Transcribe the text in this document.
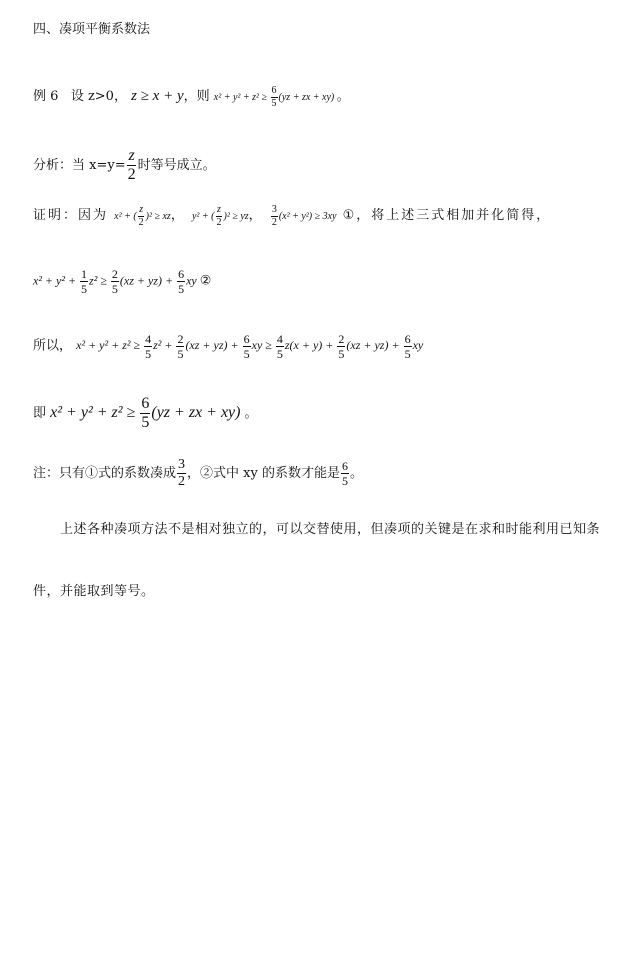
四、凑项平衡系数法
例 6 设 z>0， z ≥ x + y，则 $x^2 + y^2 + z^2 \ge \frac{6}{5} (yz$ + zx + xy) 。
分析：当 $x=y= \frac{z}{2}$ 时等号成立。
证明：因为 x² + ( $\frac{z}{2} )^2$ ≥ xz， y² + ( $\frac{z}{2} )^2$ ≥ yz， $\frac{3}{2} (x^2 + y^2) \ge 3xy$ ①，将上述三式相加并化简得，
$x^2 + y^2 + \frac{1}{5} z^2 \ge \frac{2}{5} (xz + yz) + \frac{6}{5}$ xy ②
所以， $x^2 + y^2 + z^2 \ge \frac{4}{5} z^2 + \frac{2}{5} (xz + yz) + \frac{6}{5}$ xy ≥ $\frac{4}{5} z(x + y) + \frac{2}{5} (xz + yz) + \frac{6}{5}$ xy
即 $x^2 + y^2 + z^2 \ge \frac{6}{5} (yz$ + zx + xy) 。
注：只有①式的系数凑成 $\frac{3}{2}$ ，②式中 xy 的系数才能是 $\frac{6}{5}$ 。
上述各种凑项方法不是相对独立的，可以交替使用，但凑项的关键是在求和时能利用已知条
件，并能取到等号。
